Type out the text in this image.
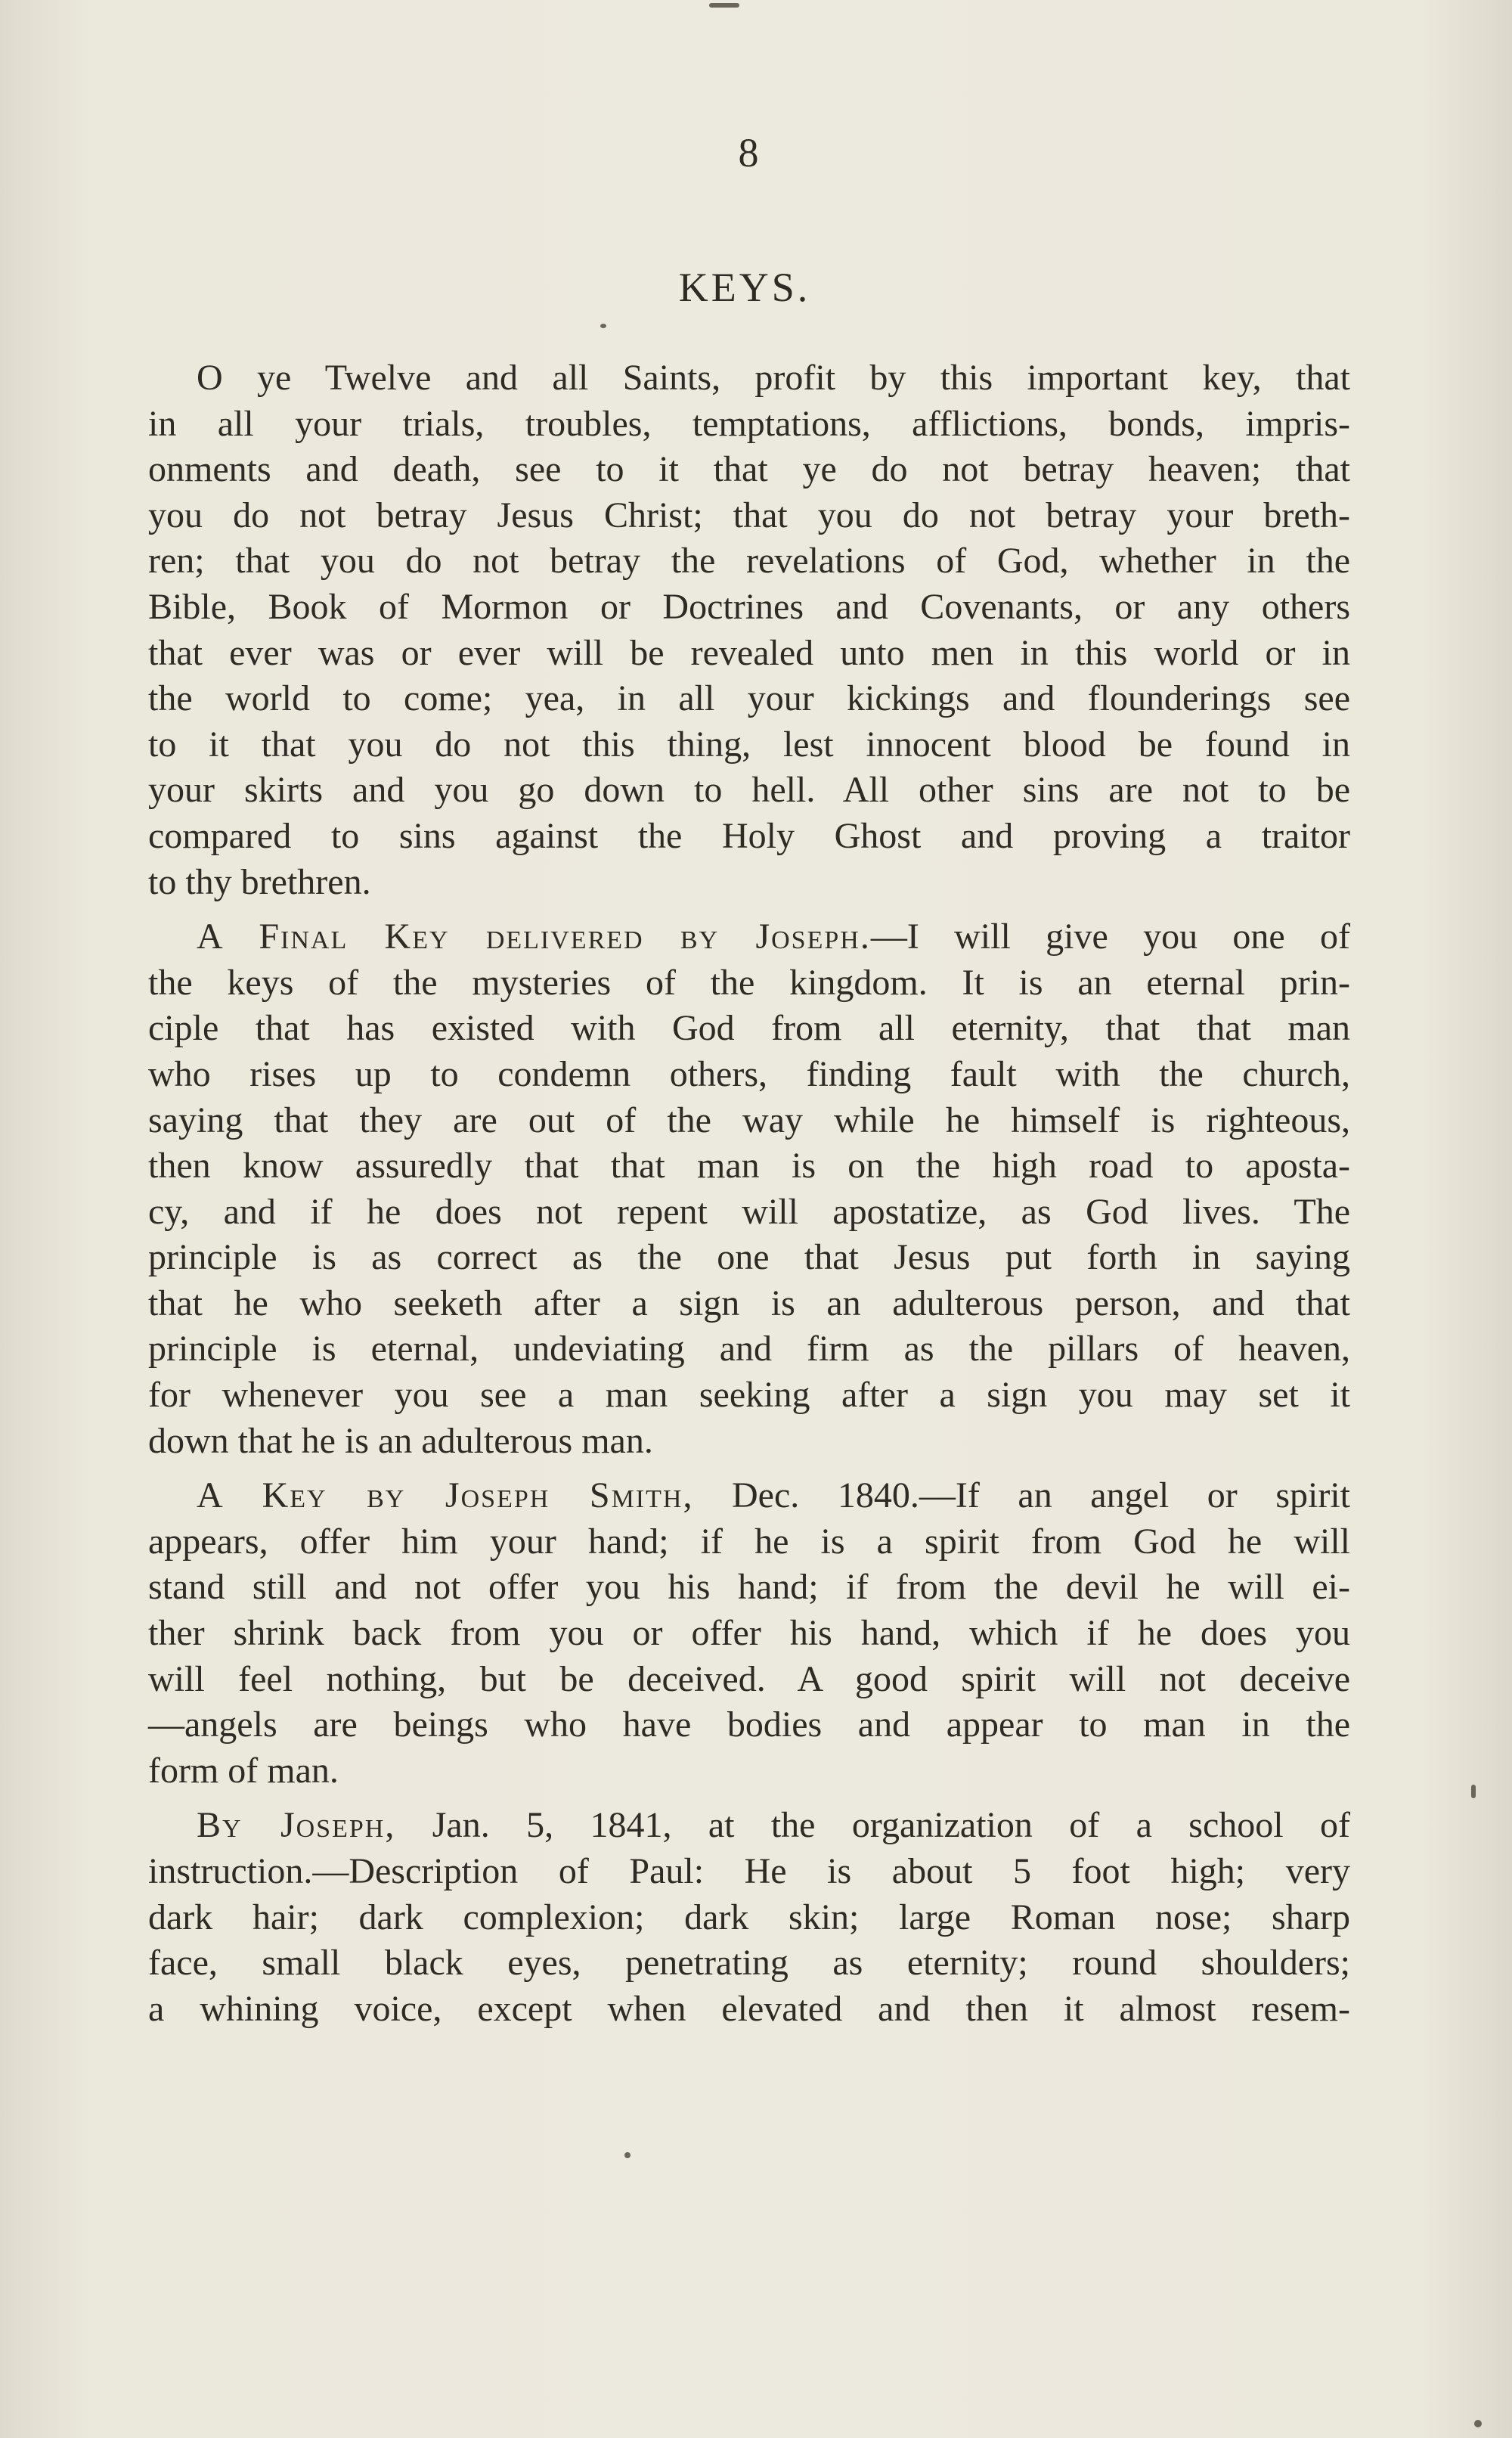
8
KEYS.
O ye Twelve and all Saints, profit by this important key, that
in all your trials, troubles, temptations, afflictions, bonds, impris-
onments and death, see to it that ye do not betray heaven; that
you do not betray Jesus Christ; that you do not betray your breth-
ren; that you do not betray the revelations of God, whether in the
Bible, Book of Mormon or Doctrines and Covenants, or any others
that ever was or ever will be revealed unto men in this world or in
the world to come; yea, in all your kickings and flounderings see
to it that you do not this thing, lest innocent blood be found in
your skirts and you go down to hell. All other sins are not to be
compared to sins against the Holy Ghost and proving a traitor
to thy brethren.
A Final Key delivered by Joseph.—I will give you one of
the keys of the mysteries of the kingdom. It is an eternal prin-
ciple that has existed with God from all eternity, that that man
who rises up to condemn others, finding fault with the church,
saying that they are out of the way while he himself is righteous,
then know assuredly that that man is on the high road to aposta-
cy, and if he does not repent will apostatize, as God lives. The
principle is as correct as the one that Jesus put forth in saying
that he who seeketh after a sign is an adulterous person, and that
principle is eternal, undeviating and firm as the pillars of heaven,
for whenever you see a man seeking after a sign you may set it
down that he is an adulterous man.
A Key by Joseph Smith, Dec. 1840.—If an angel or spirit
appears, offer him your hand; if he is a spirit from God he will
stand still and not offer you his hand; if from the devil he will ei-
ther shrink back from you or offer his hand, which if he does you
will feel nothing, but be deceived. A good spirit will not deceive
—angels are beings who have bodies and appear to man in the
form of man.
By Joseph, Jan. 5, 1841, at the organization of a school of
instruction.—Description of Paul: He is about 5 foot high; very
dark hair; dark complexion; dark skin; large Roman nose; sharp
face, small black eyes, penetrating as eternity; round shoulders;
a whining voice, except when elevated and then it almost resem-
